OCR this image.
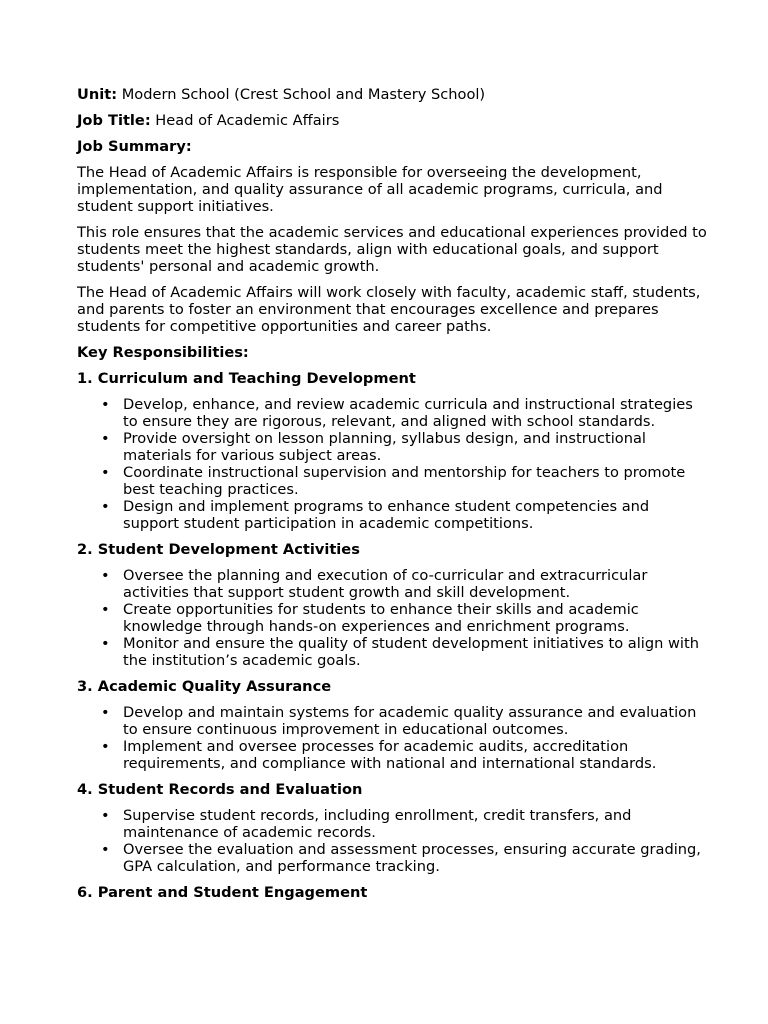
Unit: Modern School (Crest School and Mastery School)

Job Title: Head of Academic Affairs

Job Summary:

The Head of Academic Affairs is responsible for overseeing the development, implementation, and quality assurance of all academic programs, curricula, and student support initiatives.

This role ensures that the academic services and educational experiences provided to students meet the highest standards, align with educational goals, and support students' personal and academic growth.

The Head of Academic Affairs will work closely with faculty, academic staff, students, and parents to foster an environment that encourages excellence and prepares students for competitive opportunities and career paths.

Key Responsibilities:

1. Curriculum and Teaching Development

• Develop, enhance, and review academic curricula and instructional strategies to ensure they are rigorous, relevant, and aligned with school standards.
• Provide oversight on lesson planning, syllabus design, and instructional materials for various subject areas.
• Coordinate instructional supervision and mentorship for teachers to promote best teaching practices.
• Design and implement programs to enhance student competencies and support student participation in academic competitions.

2. Student Development Activities

• Oversee the planning and execution of co-curricular and extracurricular activities that support student growth and skill development.
• Create opportunities for students to enhance their skills and academic knowledge through hands-on experiences and enrichment programs.
• Monitor and ensure the quality of student development initiatives to align with the institution’s academic goals.

3. Academic Quality Assurance

• Develop and maintain systems for academic quality assurance and evaluation to ensure continuous improvement in educational outcomes.
• Implement and oversee processes for academic audits, accreditation requirements, and compliance with national and international standards.

4. Student Records and Evaluation

• Supervise student records, including enrollment, credit transfers, and maintenance of academic records.
• Oversee the evaluation and assessment processes, ensuring accurate grading, GPA calculation, and performance tracking.

6. Parent and Student Engagement
